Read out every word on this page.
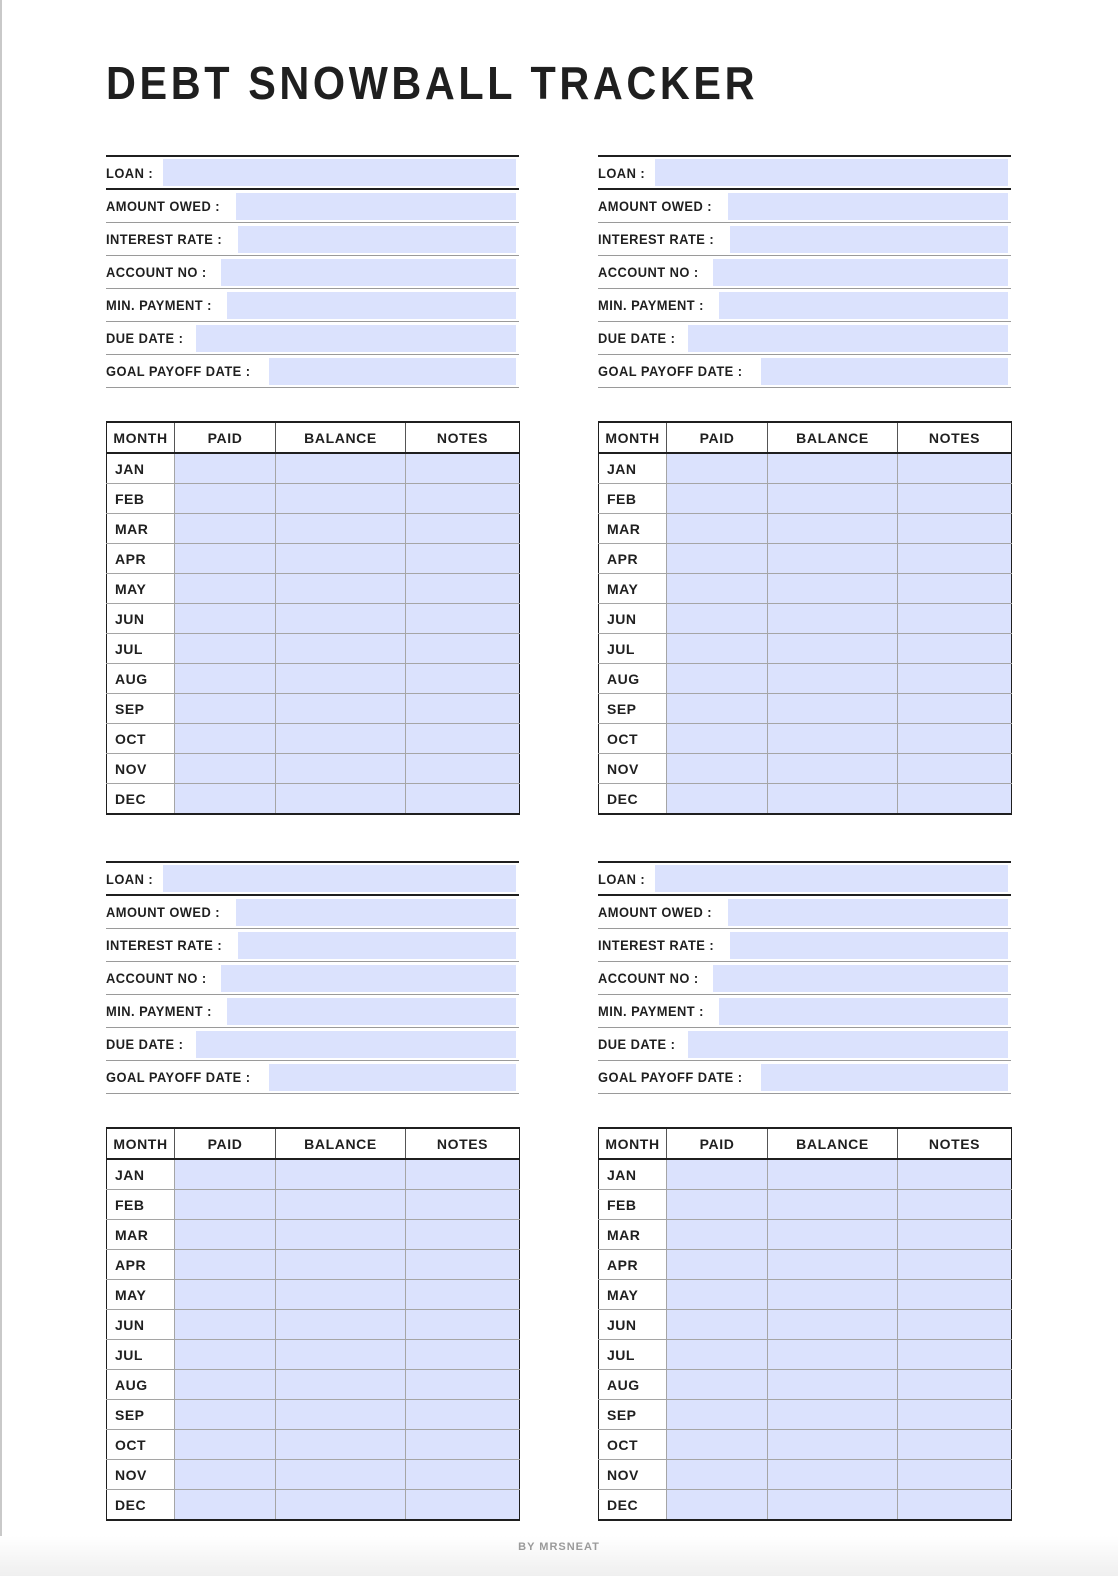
DEBT SNOWBALL TRACKER
LOAN :
AMOUNT OWED :
INTEREST RATE :
ACCOUNT NO :
MIN. PAYMENT :
DUE DATE :
GOAL PAYOFF DATE :
MONTH	PAID	BALANCE	NOTES
JAN			
FEB			
MAR			
APR			
MAY			
JUN			
JUL			
AUG			
SEP			
OCT			
NOV			
DEC			
LOAN :
AMOUNT OWED :
INTEREST RATE :
ACCOUNT NO :
MIN. PAYMENT :
DUE DATE :
GOAL PAYOFF DATE :
MONTH	PAID	BALANCE	NOTES
JAN			
FEB			
MAR			
APR			
MAY			
JUN			
JUL			
AUG			
SEP			
OCT			
NOV			
DEC			
LOAN :
AMOUNT OWED :
INTEREST RATE :
ACCOUNT NO :
MIN. PAYMENT :
DUE DATE :
GOAL PAYOFF DATE :
MONTH	PAID	BALANCE	NOTES
JAN			
FEB			
MAR			
APR			
MAY			
JUN			
JUL			
AUG			
SEP			
OCT			
NOV			
DEC			
LOAN :
AMOUNT OWED :
INTEREST RATE :
ACCOUNT NO :
MIN. PAYMENT :
DUE DATE :
GOAL PAYOFF DATE :
MONTH	PAID	BALANCE	NOTES
JAN			
FEB			
MAR			
APR			
MAY			
JUN			
JUL			
AUG			
SEP			
OCT			
NOV			
DEC			
BY MRSNEAT
